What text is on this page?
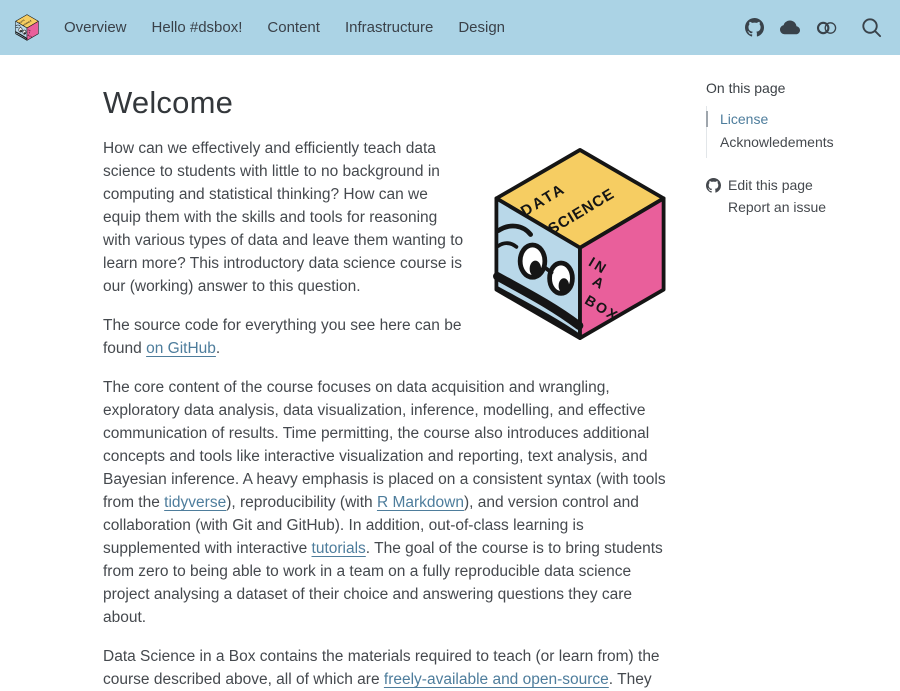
Overview	Hello #dsbox!	Content	Infrastructure	Design
Welcome

How can we effectively and efficiently teach data science to students with little to no background in computing and statistical thinking? How can we equip them with the skills and tools for reasoning with various types of data and leave them wanting to learn more? This introductory data science course is our (working) answer to this question.

The source code for everything you see here can be found on GitHub.

The core content of the course focuses on data acquisition and wrangling, exploratory data analysis, data visualization, inference, modelling, and effective communication of results. Time permitting, the course also introduces additional concepts and tools like interactive visualization and reporting, text analysis, and Bayesian inference. A heavy emphasis is placed on a consistent syntax (with tools from the tidyverse), reproducibility (with R Markdown), and version control and collaboration (with Git and GitHub). In addition, out-of-class learning is supplemented with interactive tutorials. The goal of the course is to bring students from zero to being able to work in a team on a fully reproducible data science project analysing a dataset of their choice and answering questions they care about.

Data Science in a Box contains the materials required to teach (or learn from) the course described above, all of which are freely-available and open-source. They

On this page
License
Acknowledements
Edit this page
Report an issue
